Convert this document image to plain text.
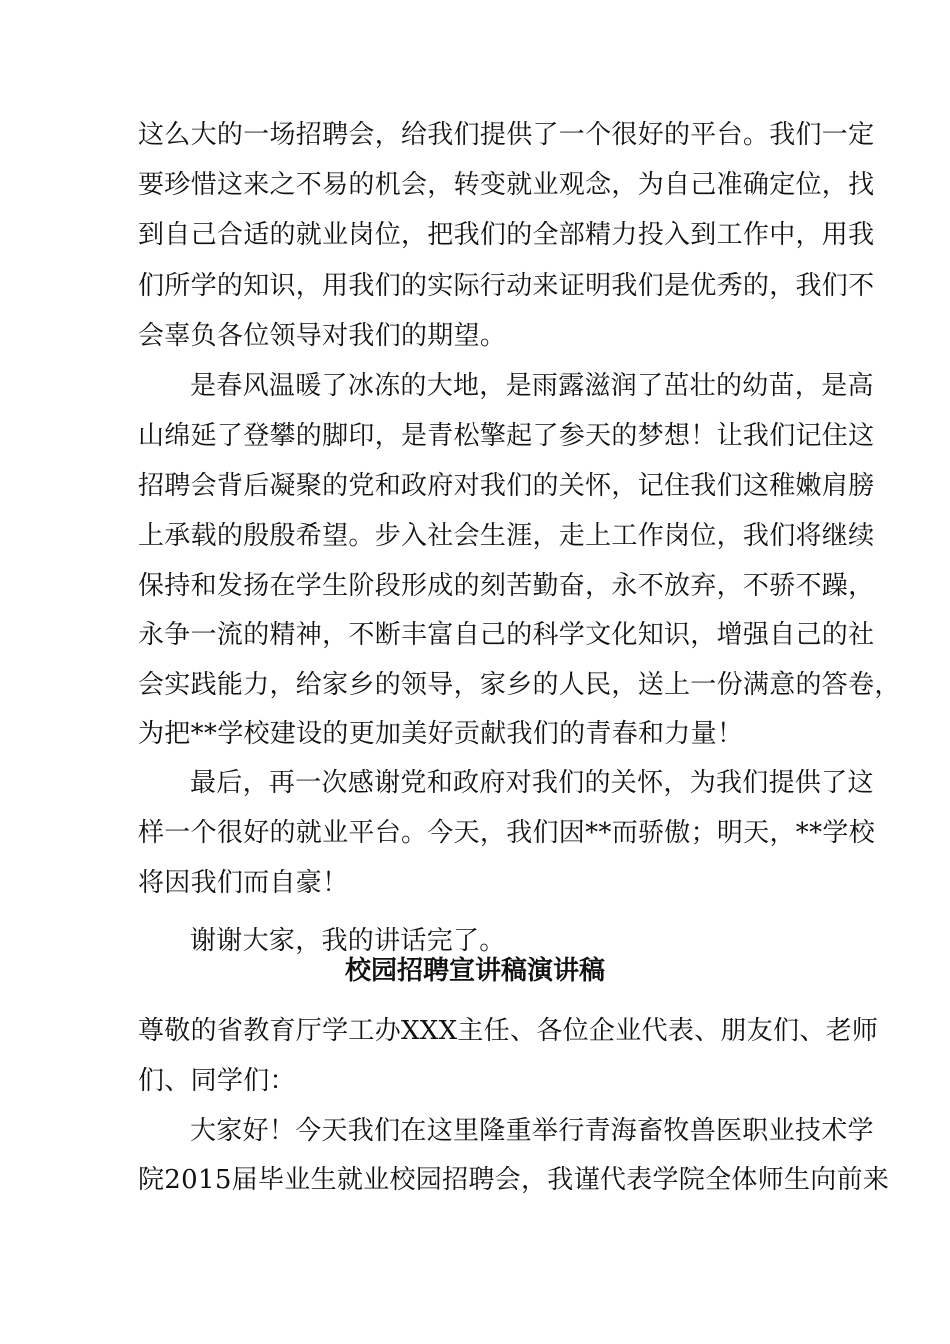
这么大的一场招聘会，给我们提供了一个很好的平台。我们一定
要珍惜这来之不易的机会，转变就业观念，为自己准确定位，找
到自己合适的就业岗位，把我们的全部精力投入到工作中，用我
们所学的知识，用我们的实际行动来证明我们是优秀的，我们不
会辜负各位领导对我们的期望。
是春风温暖了冰冻的大地，是雨露滋润了茁壮的幼苗，是高
山绵延了登攀的脚印，是青松擎起了参天的梦想！让我们记住这
招聘会背后凝聚的党和政府对我们的关怀，记住我们这稚嫩肩膀
上承载的殷殷希望。步入社会生涯，走上工作岗位，我们将继续
保持和发扬在学生阶段形成的刻苦勤奋，永不放弃，不骄不躁，
永争一流的精神，不断丰富自己的科学文化知识，增强自己的社
会实践能力，给家乡的领导，家乡的人民，送上一份满意的答卷，
为把**学校建设的更加美好贡献我们的青春和力量！
最后，再一次感谢党和政府对我们的关怀，为我们提供了这
样一个很好的就业平台。今天，我们因**而骄傲；明天，**学校
将因我们而自豪！
谢谢大家，我的讲话完了。
校园招聘宣讲稿演讲稿
尊敬的省教育厅学工办XXX主任、各位企业代表、朋友们、老师
们、同学们：
大家好！今天我们在这里隆重举行青海畜牧兽医职业技术学
院2015届毕业生就业校园招聘会，我谨代表学院全体师生向前来
